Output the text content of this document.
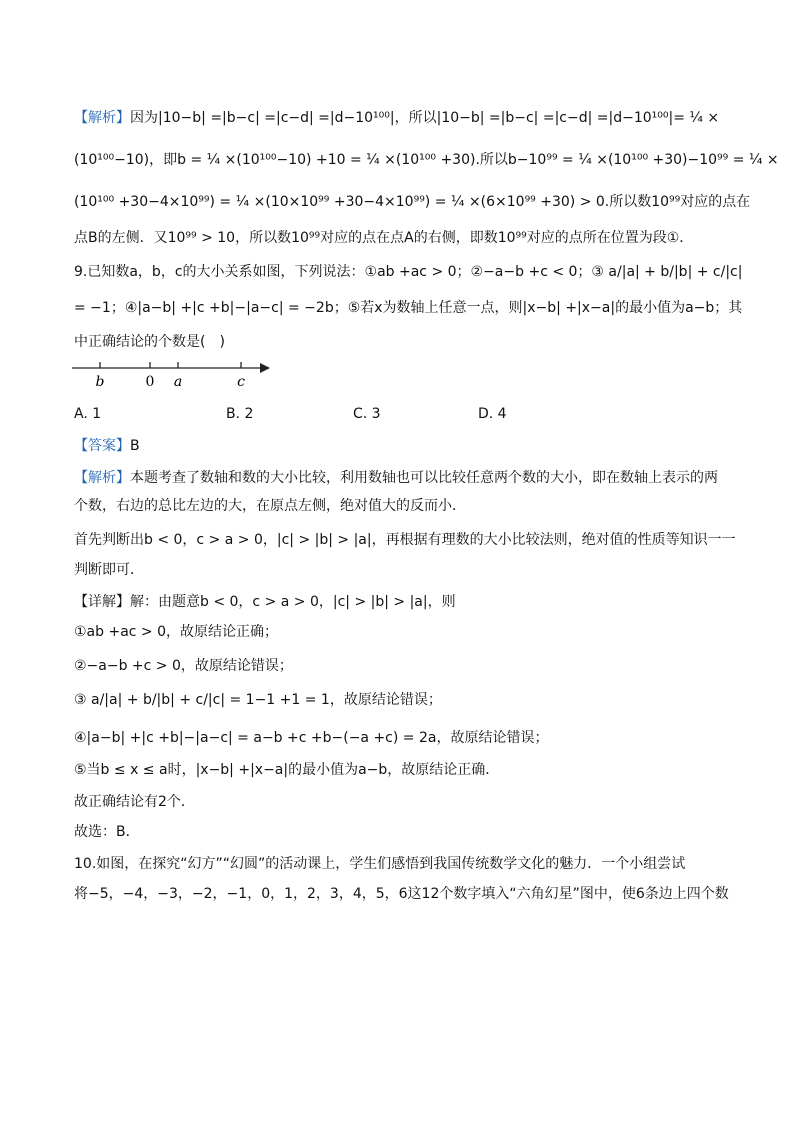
【解析】因为|10−b| =|b−c| =|c−d| =|d−10¹⁰⁰|，所以|10−b| =|b−c| =|c−d| =|d−10¹⁰⁰|= ¼ ×
(10¹⁰⁰−10)，即b = ¼ ×(10¹⁰⁰−10) +10 = ¼ ×(10¹⁰⁰ +30).所以b−10⁹⁹ = ¼ ×(10¹⁰⁰ +30)−10⁹⁹ = ¼ ×
(10¹⁰⁰ +30−4×10⁹⁹) = ¼ ×(10×10⁹⁹ +30−4×10⁹⁹) = ¼ ×(6×10⁹⁹ +30) > 0.所以数10⁹⁹对应的点在
点B的左侧．又10⁹⁹ > 10，所以数10⁹⁹对应的点在点A的右侧，即数10⁹⁹对应的点所在位置为段①．
9.已知数a，b，c的大小关系如图，下列说法：①ab +ac > 0；②−a−b +c < 0；③ a/|a| + b/|b| + c/|c|
= −1；④|a−b| +|c +b|−|a−c| = −2b；⑤若x为数轴上任意一点，则|x−b| +|x−a|的最小值为a−b；其
中正确结论的个数是(　)
【答案】B
【解析】本题考查了数轴和数的大小比较，利用数轴也可以比较任意两个数的大小，即在数轴上表示的两
个数，右边的总比左边的大，在原点左侧，绝对值大的反而小．
首先判断出b < 0，c > a > 0，|c| > |b| > |a|，再根据有理数的大小比较法则，绝对值的性质等知识一一
判断即可．
【详解】解：由题意b < 0，c > a > 0，|c| > |b| > |a|，则
①ab +ac > 0，故原结论正确；
②−a−b +c > 0，故原结论错误；
③ a/|a| + b/|b| + c/|c| = 1−1 +1 = 1，故原结论错误；
④|a−b| +|c +b|−|a−c| = a−b +c +b−(−a +c) = 2a，故原结论错误；
⑤当b ≤ x ≤ a时，|x−b| +|x−a|的最小值为a−b，故原结论正确．
故正确结论有2个．
故选：B．
10.如图，在探究“幻方”“幻圆”的活动课上，学生们感悟到我国传统数学文化的魅力．一个小组尝试
将−5，−4，−3，−2，−1，0，1，2，3，4，5，6这12个数字填入“六角幻星”图中，使6条边上四个数
b	0 a	c
A. 1	B. 2	C. 3	D. 4
